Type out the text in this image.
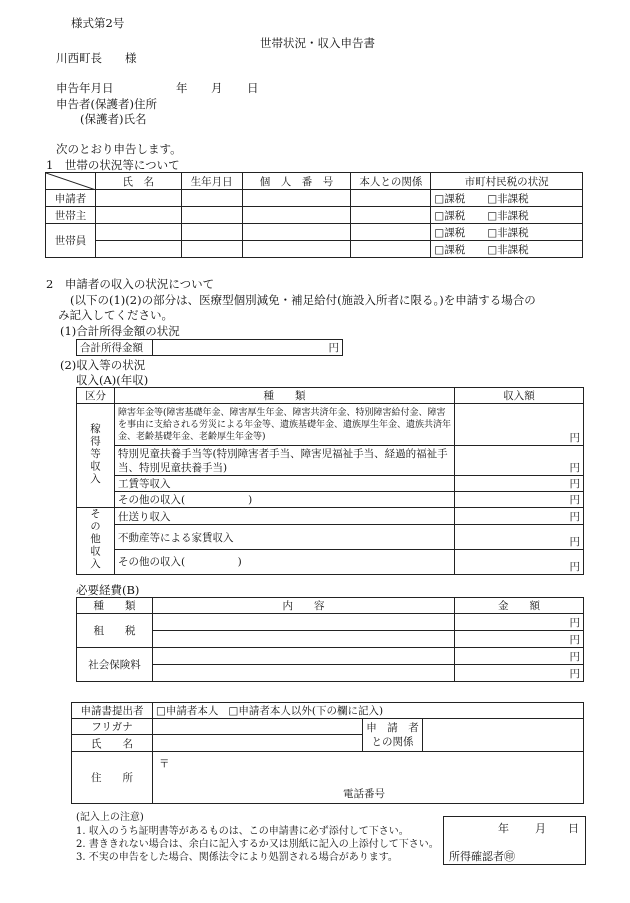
様式第2号
世帯状況・収入申告書
川西町長　　様
申告年月日	年 月 日
申告者(保護者)住所
(保護者)氏名
次のとおり申告します。
1　世帯の状況等について
	氏　名	生年月日	個　人　番　号	本人との関係	市町村民税の状況
申請者					□課税 □非課税
世帯主					□課税 □非課税
世帯員					□課税 □非課税
					□課税 □非課税
2　申請者の収入の状況について
(以下の(1)(2)の部分は、医療型個別減免・補足給付(施設入所者に限る。)を申請する場合の
み記入してください。
(1)合計所得金額の状況
合計所得金額	円
(2)収入等の状況
収入(A)(年収)
区分	種　　類	収入額
稼得等収入	障害年金等(障害基礎年金、障害厚生年金、障害共済年金、特別障害給付金、障害を事由に支給される労災による年金等、遺族基礎年金、遺族厚生年金、遺族共済年金、老齢基礎年金、老齢厚生年金等)	円
	特別児童扶養手当等(特別障害者手当、障害児福祉手当、経過的福祉手当、特別児童扶養手当)	円
	工賃等収入	円
	その他の収入(　　　　　　)	円
その他収入	仕送り収入	円
	不動産等による家賃収入	円
	その他の収入(　　　　　)	円
必要経費(B)
種　　類	内　　容	金　　額
租　　税		円
		円
社会保険料		円
		円
申請書提出者	□申請者本人 □申請者本人以外(下の欄に記入)		
フリガナ		申　請　者
との関係	
氏　　名			
住　　所	〒
電話番号		
(記入上の注意)
1. 収入のうち証明書等があるものは、この申請書に必ず添付して下さい。
2. 書ききれない場合は、余白に記入するか又は別紙に記入の上添付して下さい。
3. 不実の申告をした場合、関係法令により処罰される場合があります。
年 月 日
所得確認者㊞
